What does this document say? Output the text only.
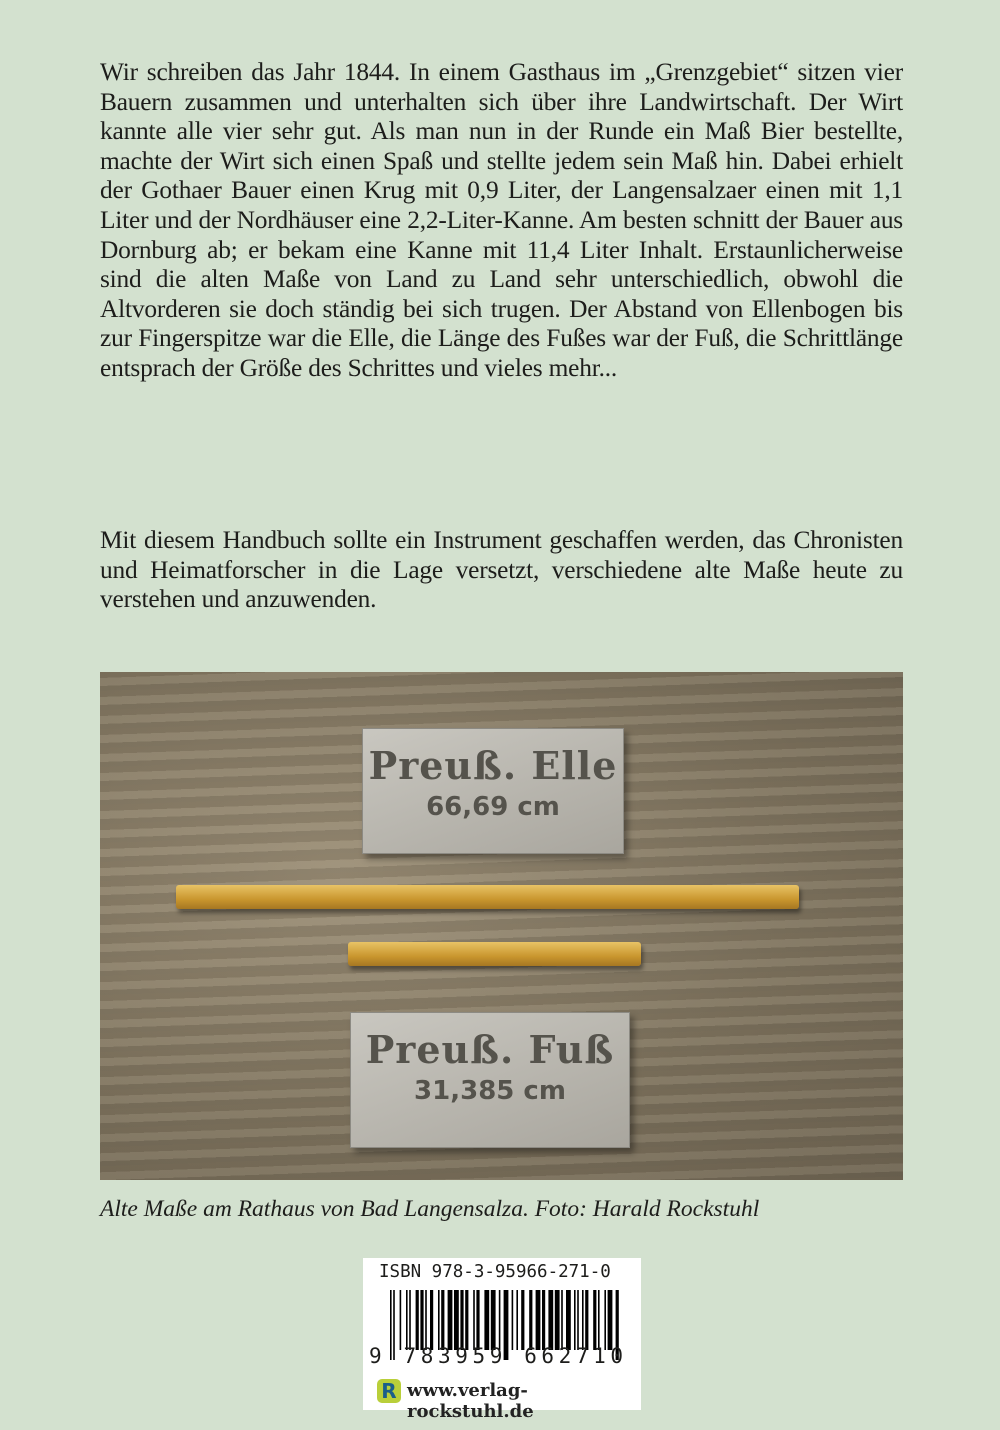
Wir schreiben das Jahr 1844. In einem Gasthaus im „Grenzgebiet“ sitzen vier Bauern zusammen und unterhalten sich über ihre Landwirtschaft. Der Wirt kannte alle vier sehr gut. Als man nun in der Runde ein Maß Bier bestellte, machte der Wirt sich einen Spaß und stellte jedem sein Maß hin. Dabei erhielt der Gothaer Bauer einen Krug mit 0,9 Liter, der Langensalzaer einen mit 1,1 Liter und der Nordhäuser eine 2,2-Liter-Kanne. Am besten schnitt der Bauer aus Dornburg ab; er bekam eine Kanne mit 11,4 Liter Inhalt. Erstaunlicherweise sind die alten Maße von Land zu Land sehr unterschiedlich, obwohl die Altvorderen sie doch ständig bei sich trugen. Der Abstand von Ellenbogen bis zur Fingerspitze war die Elle, die Länge des Fußes war der Fuß, die Schrittlänge entsprach der Größe des Schrittes und vieles mehr...

Mit diesem Handbuch sollte ein Instrument geschaffen werden, das Chronisten und Heimatforscher in die Lage versetzt, verschiedene alte Maße heute zu verstehen und anzuwenden.

Preuß. Elle
66,69 cm
Preuß. Fuß
31,385 cm
Alte Maße am Rathaus von Bad Langensalza. Foto: Harald Rockstuhl
ISBN 978-3-95966-271-0
9 783959 662710
R www.verlag-rockstuhl.de
